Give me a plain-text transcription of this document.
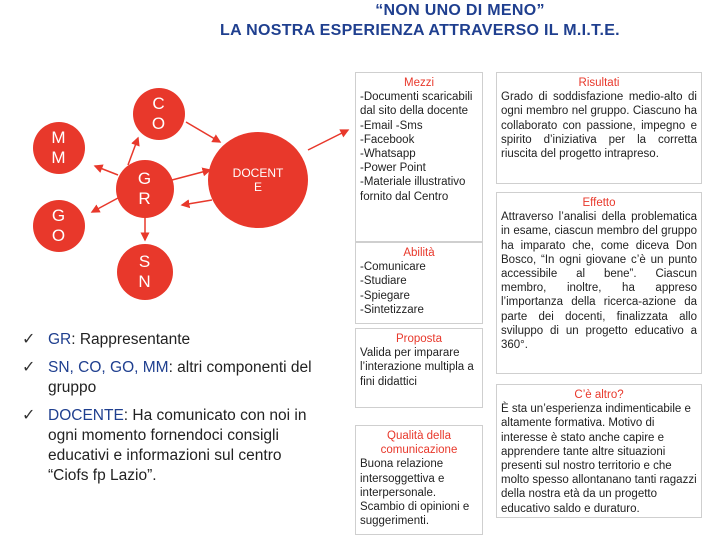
“NON UNO DI MENO”
LA NOSTRA ESPERIENZA ATTRAVERSO IL M.I.T.E.
C
O
M
M
G
O
G
R
S
N
DOCENT
E
✓ GR: Rappresentante
✓ SN, CO, GO, MM: altri componenti del gruppo
✓ DOCENTE: Ha comunicato con noi in ogni momento fornendoci consigli educativi e informazioni sul centro “Ciofs fp Lazio”.
Mezzi
-Documenti scaricabili dal sito della docente
-Email -Sms
-Facebook
-Whatsapp
-Power Point
-Materiale illustrativo fornito dal Centro
Abilità
-Comunicare
-Studiare
-Spiegare
-Sintetizzare
Proposta
Valida per imparare l’interazione multipla a fini didattici
Qualità della comunicazione
Buona relazione intersoggettiva e interpersonale. Scambio di opinioni e suggerimenti.
Risultati
Grado di soddisfazione medio-alto di ogni membro nel gruppo. Ciascuno ha collaborato con passione, impegno e spirito d’iniziativa per la corretta riuscita del progetto intrapreso.
Effetto
Attraverso l’analisi della problematica in esame, ciascun membro del gruppo ha imparato che, come diceva Don Bosco, “In ogni giovane c’è un punto accessibile al bene”. Ciascun membro, inoltre, ha appreso l’importanza della ricerca-azione da parte dei docenti, finalizzata allo sviluppo di un progetto educativo a 360°.
C’è altro?
È sta un’esperienza indimenticabile e altamente formativa. Motivo di interesse è stato anche capire e apprendere tante altre situazioni presenti sul nostro territorio e che molto spesso allontanano tanti ragazzi della nostra età da un progetto educativo saldo e duraturo.
